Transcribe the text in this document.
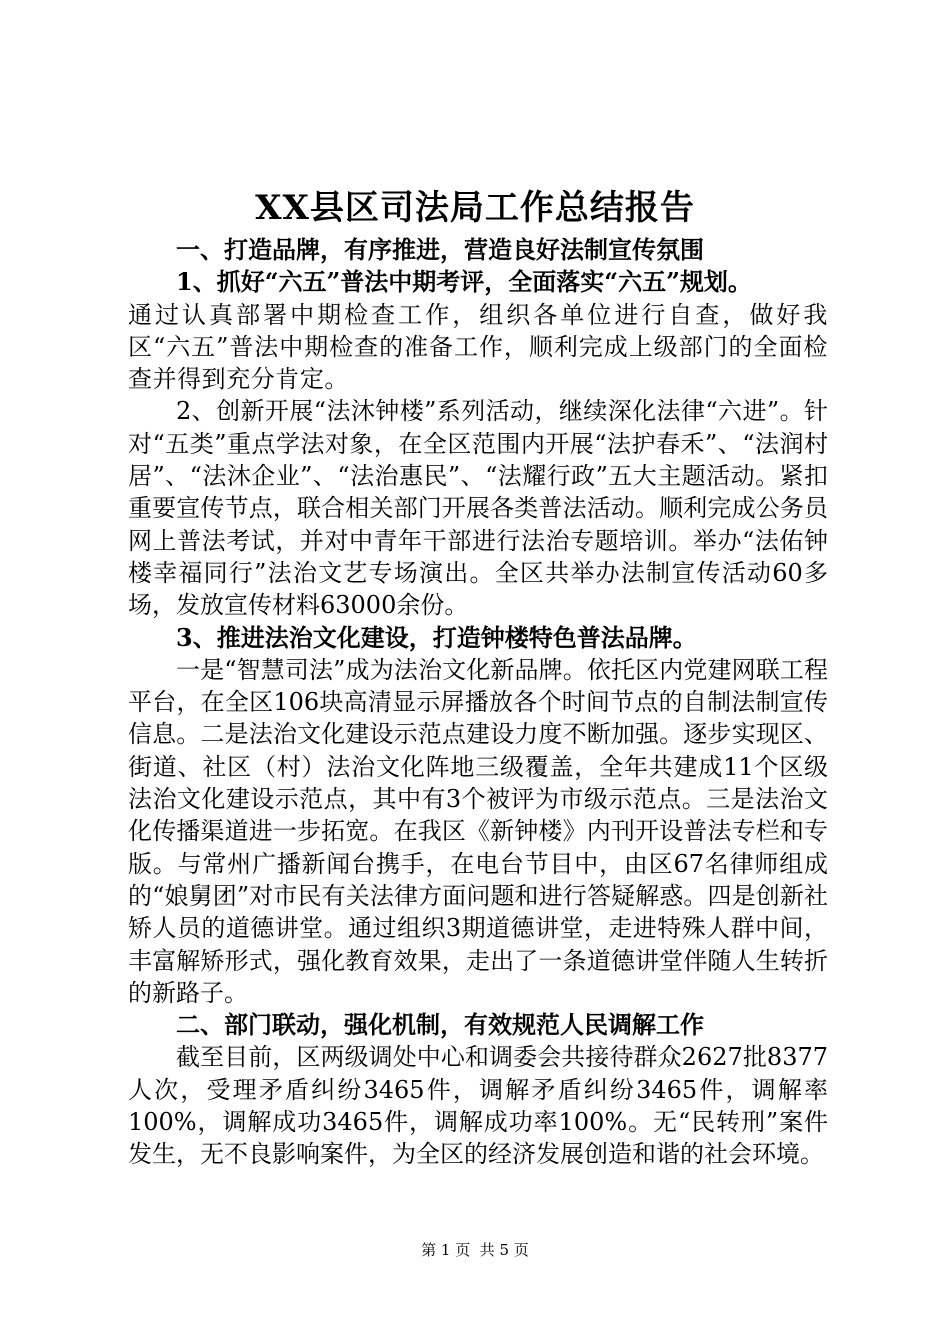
XX县区司法局工作总结报告

一、打造品牌，有序推进，营造良好法制宣传氛围

1、抓好“六五”普法中期考评，全面落实“六五”规划。

通过认真部署中期检查工作，组织各单位进行自查，做好我区“六五”普法中期检查的准备工作，顺利完成上级部门的全面检查并得到充分肯定。

2、创新开展“法沐钟楼”系列活动，继续深化法律“六进”。针对“五类”重点学法对象，在全区范围内开展“法护春禾”、“法润村居”、“法沐企业”、“法治惠民”、“法耀行政”五大主题活动。紧扣重要宣传节点，联合相关部门开展各类普法活动。顺利完成公务员网上普法考试，并对中青年干部进行法治专题培训。举办“法佑钟楼幸福同行”法治文艺专场演出。全区共举办法制宣传活动60多场，发放宣传材料63000余份。

3、推进法治文化建设，打造钟楼特色普法品牌。

一是“智慧司法”成为法治文化新品牌。依托区内党建网联工程平台，在全区106块高清显示屏播放各个时间节点的自制法制宣传信息。二是法治文化建设示范点建设力度不断加强。逐步实现区、街道、社区（村）法治文化阵地三级覆盖，全年共建成11个区级法治文化建设示范点，其中有3个被评为市级示范点。三是法治文化传播渠道进一步拓宽。在我区《新钟楼》内刊开设普法专栏和专版。与常州广播新闻台携手，在电台节目中，由区67名律师组成的“娘舅团”对市民有关法律方面问题和进行答疑解惑。四是创新社矫人员的道德讲堂。通过组织3期道德讲堂，走进特殊人群中间，丰富解矫形式，强化教育效果，走出了一条道德讲堂伴随人生转折的新路子。

二、部门联动，强化机制，有效规范人民调解工作

截至目前，区两级调处中心和调委会共接待群众2627批8377人次，受理矛盾纠纷3465件，调解矛盾纠纷3465件，调解率100%，调解成功3465件，调解成功率100%。无“民转刑”案件发生，无不良影响案件，为全区的经济发展创造和谐的社会环境。

第 1 页  共 5 页
